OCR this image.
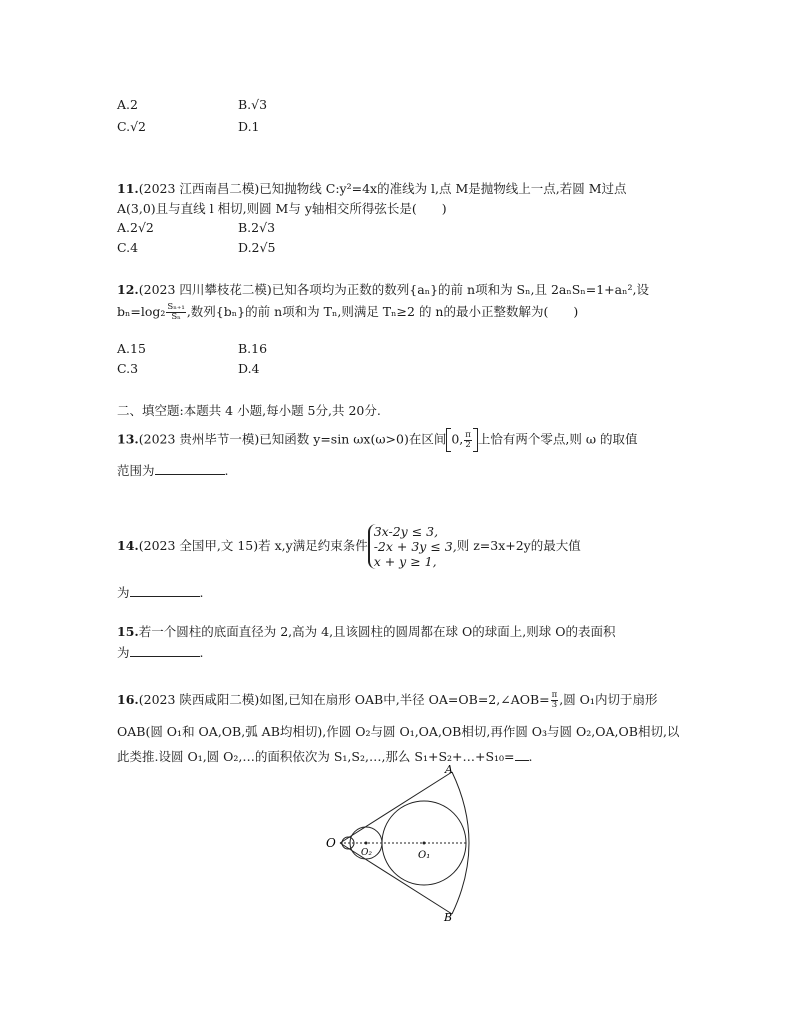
A.2	B.√3
C.√2	D.1
11.(2023 江西南昌二模)已知抛物线 C:y²=4x的准线为 l,点 M是抛物线上一点,若圆 M过点
A(3,0)且与直线 l 相切,则圆 M与 y轴相交所得弦长是(　　)
A.2√2	B.2√3
C.4	D.2√5
12.(2023 四川攀枝花二模)已知各项均为正数的数列{aₙ}的前 n项和为 Sₙ,且 2aₙSₙ=1+aₙ²,设
$b_n=\log_2 \frac{\text{Sₙ₊₁}}{\text{Sₙ}}$ ,数列{bₙ}的前 n项和为 Tₙ,则满足 Tₙ≥2 的 n的最小正整数解为(　　)
A.15	B.16
C.3	D.4
二、填空题:本题共 4 小题,每小题 5分,共 20分.
13.(2023 贵州毕节一模)已知函数 y=sin ωx(ω>0)在区间 0, $\frac{\pi}{2}$ 上恰有两个零点,则 ω 的取值
范围为	.
14.(2023 全国甲,文 15)若 x,y满足约束条件
3x-2y ≤ 3,
-2x + 3y ≤ 3,
x + y ≥ 1,
则 z=3x+2y的最大值
为	.
15.若一个圆柱的底面直径为 2,高为 4,且该圆柱的圆周都在球 O的球面上,则球 O的表面积
为	.
16.(2023 陕西咸阳二模)如图,已知在扇形 OAB中,半径 OA=OB=2,∠AOB= $\frac{\pi}{3}$ ,圆 O₁内切于扇形
OAB(圆 O₁和 OA,OB,弧 AB均相切),作圆 O₂与圆 O₁,OA,OB相切,再作圆 O₃与圆 O₂,OA,OB相切,以
此类推.设圆 O₁,圆 O₂,…的面积依次为 S₁,S₂,…,那么 S₁+S₂+…+S₁₀= .
O
A
B
O₁
O₂
